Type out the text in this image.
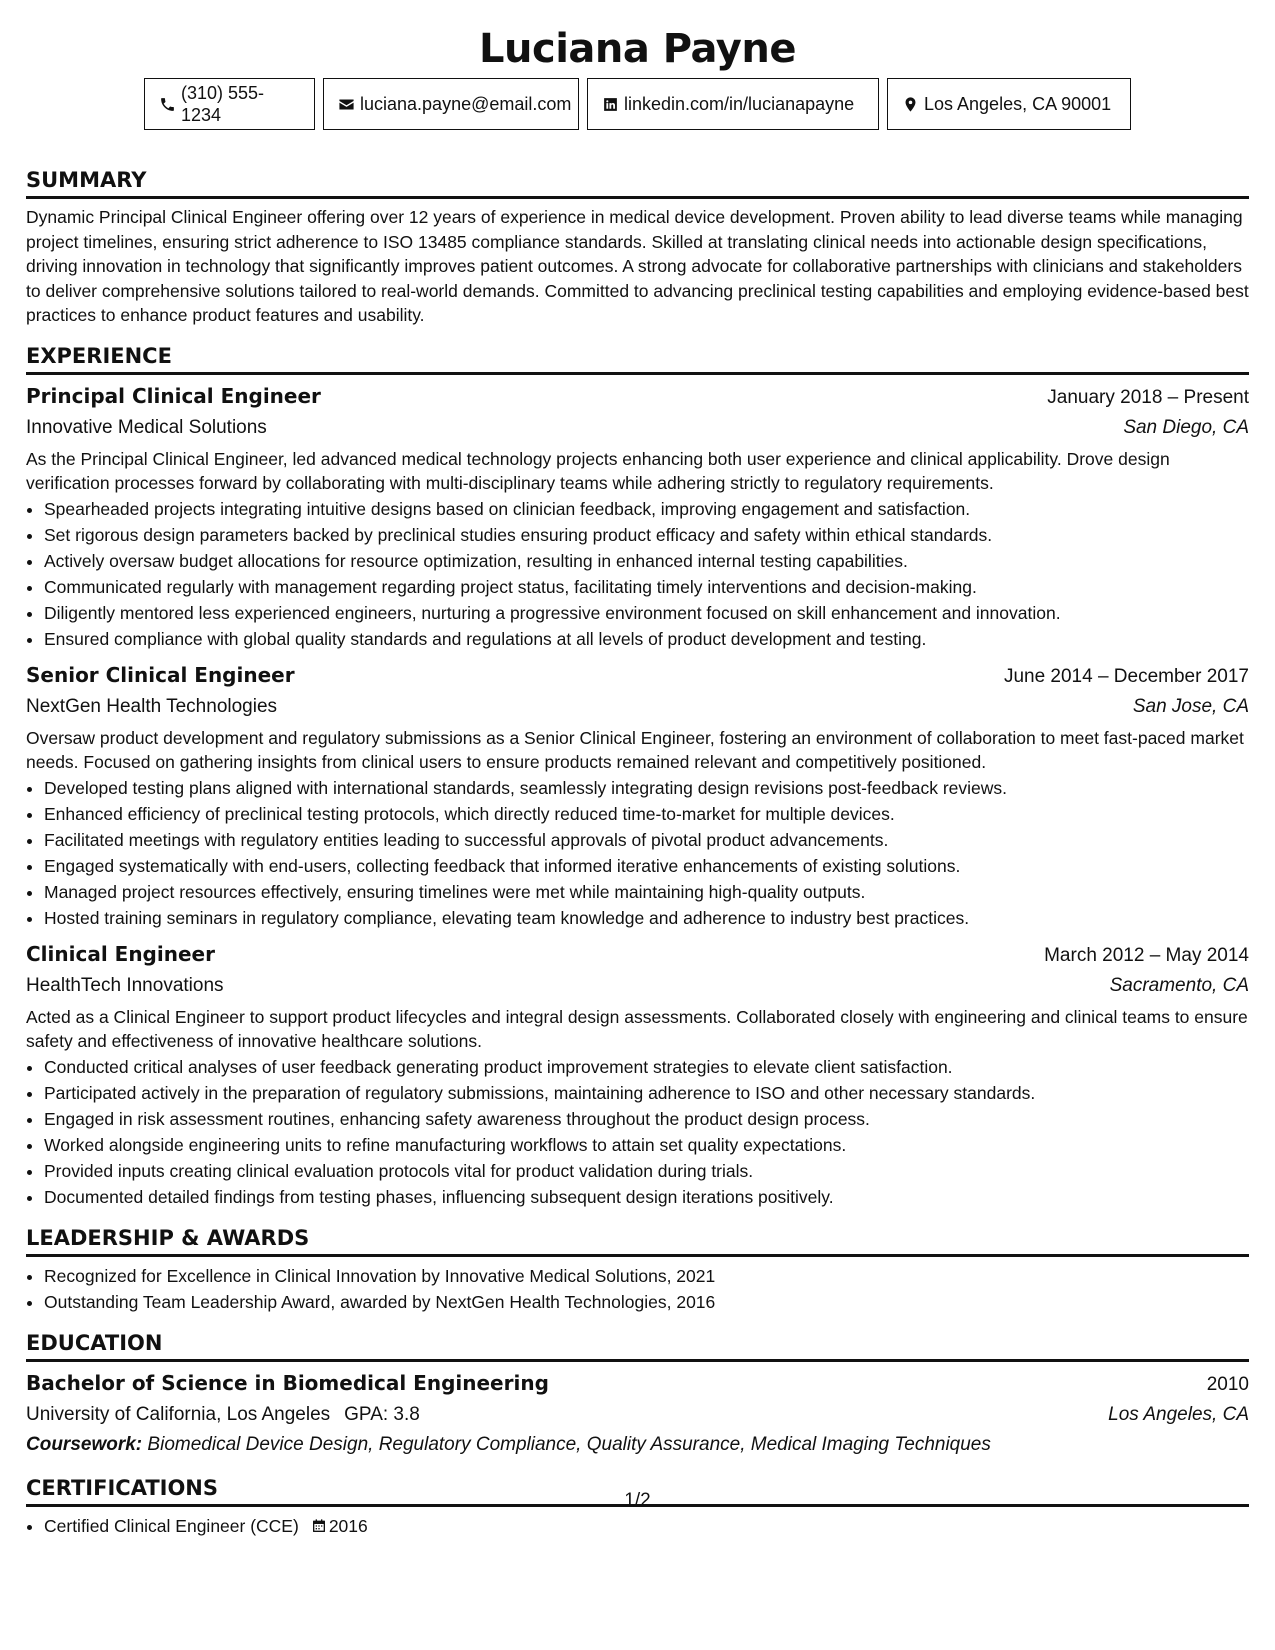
Luciana Payne
(310) 555-1234
luciana.payne@email.com	linkedin.com/in/lucianapayne	Los Angeles, CA 90001
SUMMARY

Dynamic Principal Clinical Engineer offering over 12 years of experience in medical device development. Proven ability to lead diverse teams while managing project timelines, ensuring strict adherence to ISO 13485 compliance standards. Skilled at translating clinical needs into actionable design specifications, driving innovation in technology that significantly improves patient outcomes. A strong advocate for collaborative partnerships with clinicians and stakeholders to deliver comprehensive solutions tailored to real-world demands. Committed to advancing preclinical testing capabilities and employing evidence-based best practices to enhance product features and usability.

EXPERIENCE
Principal Clinical Engineer	January 2018 – Present
Innovative Medical Solutions	San Diego, CA

As the Principal Clinical Engineer, led advanced medical technology projects enhancing both user experience and clinical applicability. Drove design verification processes forward by collaborating with multi-disciplinary teams while adhering strictly to regulatory requirements.

• Spearheaded projects integrating intuitive designs based on clinician feedback, improving engagement and satisfaction.
• Set rigorous design parameters backed by preclinical studies ensuring product efficacy and safety within ethical standards.
• Actively oversaw budget allocations for resource optimization, resulting in enhanced internal testing capabilities.
• Communicated regularly with management regarding project status, facilitating timely interventions and decision-making.
• Diligently mentored less experienced engineers, nurturing a progressive environment focused on skill enhancement and innovation.
• Ensured compliance with global quality standards and regulations at all levels of product development and testing.
Senior Clinical Engineer	June 2014 – December 2017
NextGen Health Technologies	San Jose, CA

Oversaw product development and regulatory submissions as a Senior Clinical Engineer, fostering an environment of collaboration to meet fast-paced market needs. Focused on gathering insights from clinical users to ensure products remained relevant and competitively positioned.

• Developed testing plans aligned with international standards, seamlessly integrating design revisions post-feedback reviews.
• Enhanced efficiency of preclinical testing protocols, which directly reduced time-to-market for multiple devices.
• Facilitated meetings with regulatory entities leading to successful approvals of pivotal product advancements.
• Engaged systematically with end-users, collecting feedback that informed iterative enhancements of existing solutions.
• Managed project resources effectively, ensuring timelines were met while maintaining high-quality outputs.
• Hosted training seminars in regulatory compliance, elevating team knowledge and adherence to industry best practices.
Clinical Engineer	March 2012 – May 2014
HealthTech Innovations	Sacramento, CA

Acted as a Clinical Engineer to support product lifecycles and integral design assessments. Collaborated closely with engineering and clinical teams to ensure safety and effectiveness of innovative healthcare solutions.

• Conducted critical analyses of user feedback generating product improvement strategies to elevate client satisfaction.
• Participated actively in the preparation of regulatory submissions, maintaining adherence to ISO and other necessary standards.
• Engaged in risk assessment routines, enhancing safety awareness throughout the product design process.
• Worked alongside engineering units to refine manufacturing workflows to attain set quality expectations.
• Provided inputs creating clinical evaluation protocols vital for product validation during trials.
• Documented detailed findings from testing phases, influencing subsequent design iterations positively.
LEADERSHIP & AWARDS
• Recognized for Excellence in Clinical Innovation by Innovative Medical Solutions, 2021
• Outstanding Team Leadership Award, awarded by NextGen Health Technologies, 2016
EDUCATION
Bachelor of Science in Biomedical Engineering	2010
University of California, Los Angeles GPA: 3.8	Los Angeles, CA
Coursework: Biomedical Device Design, Regulatory Compliance, Quality Assurance, Medical Imaging Techniques
CERTIFICATIONS
• Certified Clinical Engineer (CCE) 2016
1/2
